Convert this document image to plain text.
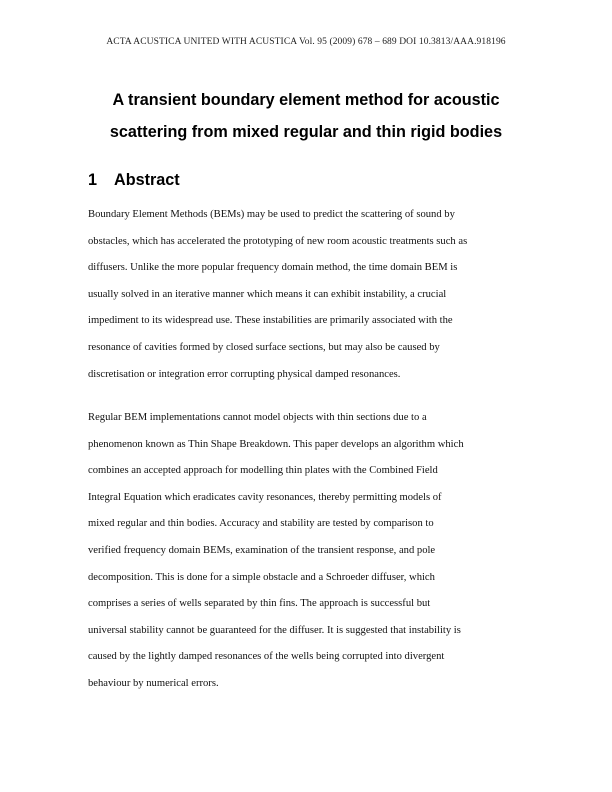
ACTA ACUSTICA UNITED WITH ACUSTICA Vol. 95 (2009) 678 – 689 DOI 10.3813/AAA.918196
A transient boundary element method for acoustic
scattering from mixed regular and thin rigid bodies
1 Abstract

Boundary Element Methods (BEMs) may be used to predict the scattering of sound by
obstacles, which has accelerated the prototyping of new room acoustic treatments such as
diffusers. Unlike the more popular frequency domain method, the time domain BEM is
usually solved in an iterative manner which means it can exhibit instability, a crucial
impediment to its widespread use. These instabilities are primarily associated with the
resonance of cavities formed by closed surface sections, but may also be caused by
discretisation or integration error corrupting physical damped resonances.

Regular BEM implementations cannot model objects with thin sections due to a
phenomenon known as Thin Shape Breakdown. This paper develops an algorithm which
combines an accepted approach for modelling thin plates with the Combined Field
Integral Equation which eradicates cavity resonances, thereby permitting models of
mixed regular and thin bodies. Accuracy and stability are tested by comparison to
verified frequency domain BEMs, examination of the transient response, and pole
decomposition. This is done for a simple obstacle and a Schroeder diffuser, which
comprises a series of wells separated by thin fins. The approach is successful but
universal stability cannot be guaranteed for the diffuser. It is suggested that instability is
caused by the lightly damped resonances of the wells being corrupted into divergent
behaviour by numerical errors.
